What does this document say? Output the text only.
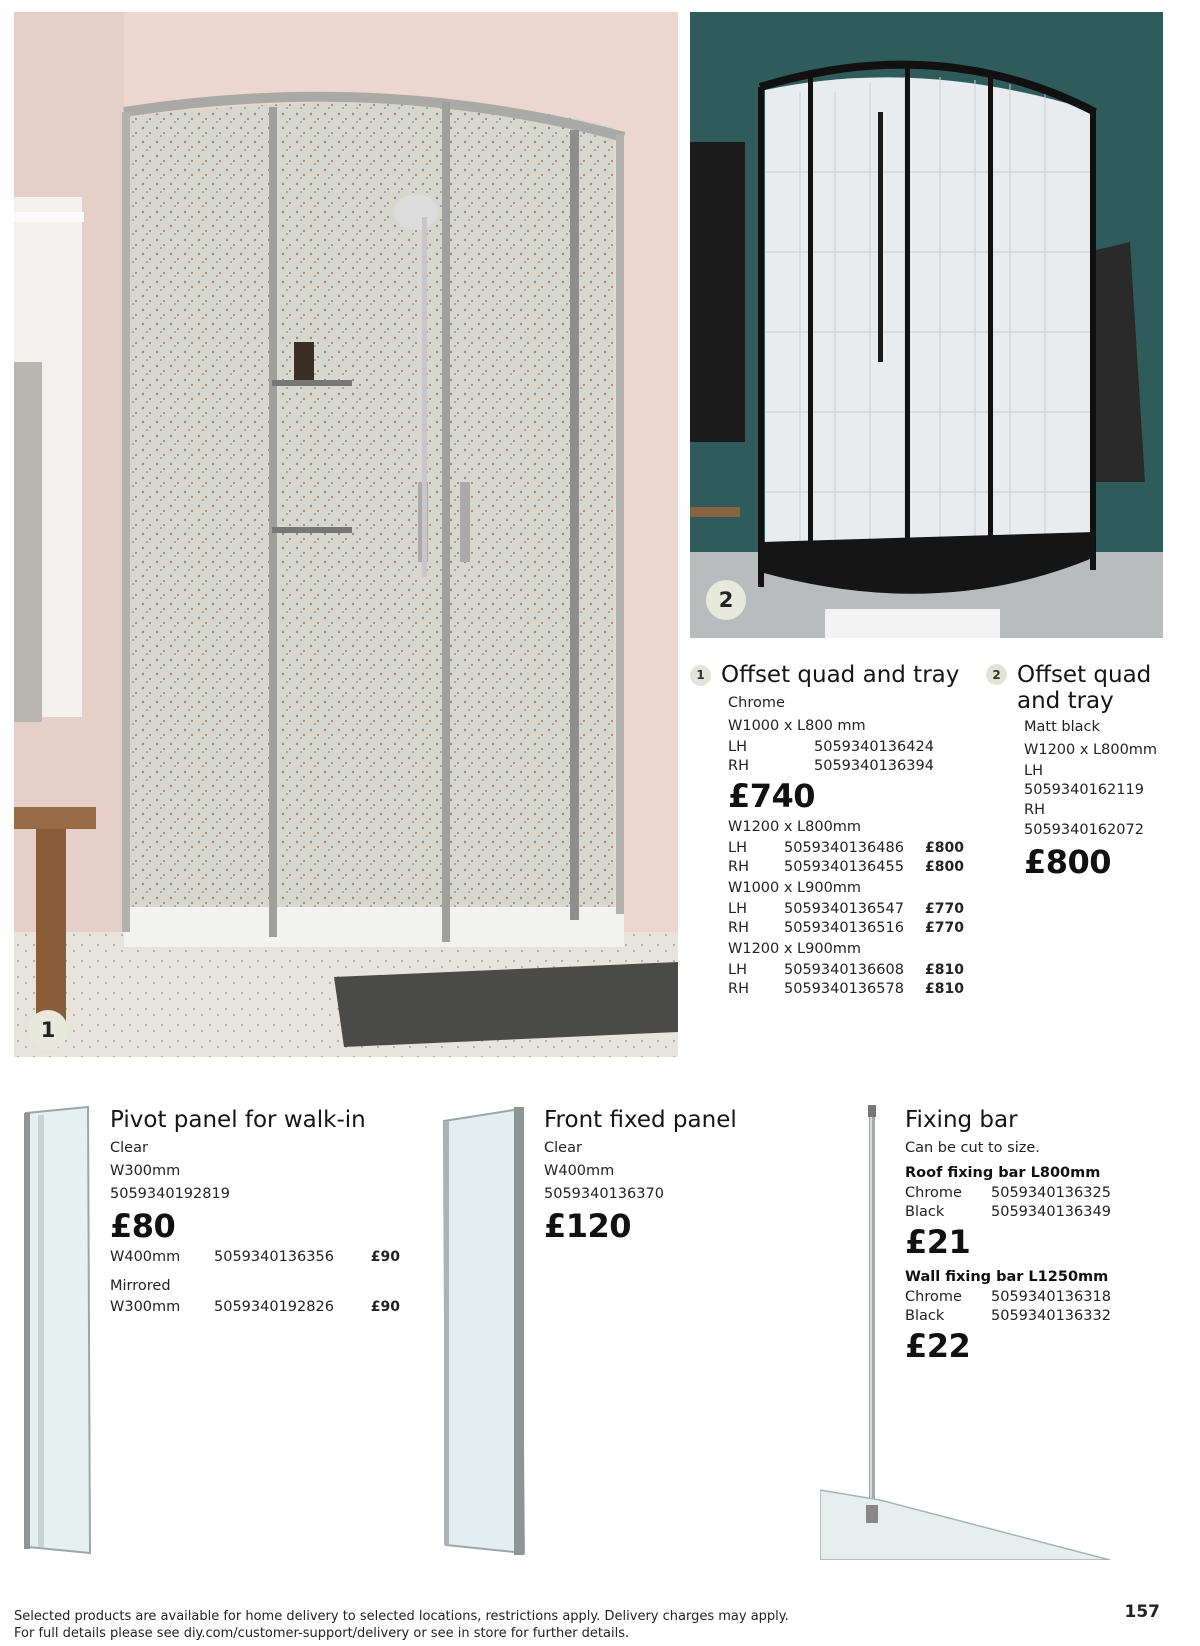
1
2
1 Offset quad and tray
Chrome
W1000 x L800 mm
LH	5059340136424
RH	5059340136394
£740
W1200 x L800mm
LH	5059340136486	£800
RH	5059340136455	£800
W1000 x L900mm
LH	5059340136547	£770
RH	5059340136516	£770
W1200 x L900mm
LH	5059340136608	£810
RH	5059340136578	£810
2 Offset quad
and tray
Matt black
W1200 x L800mm
LH
5059340162119
RH
5059340162072
£800
Pivot panel for walk-in
Clear
W300mm
5059340192819
£80
W400mm	5059340136356	£90
Mirrored
W300mm	5059340192826	£90
Front fixed panel
Clear
W400mm
5059340136370
£120
Fixing bar
Can be cut to size.
Roof fixing bar L800mm
Chrome	5059340136325
Black	5059340136349
£21
Wall fixing bar L1250mm
Chrome	5059340136318
Black	5059340136332
£22
Selected products are available for home delivery to selected locations, restrictions apply. Delivery charges may apply.
For full details please see diy.com/customer-support/delivery or see in store for further details.
157
